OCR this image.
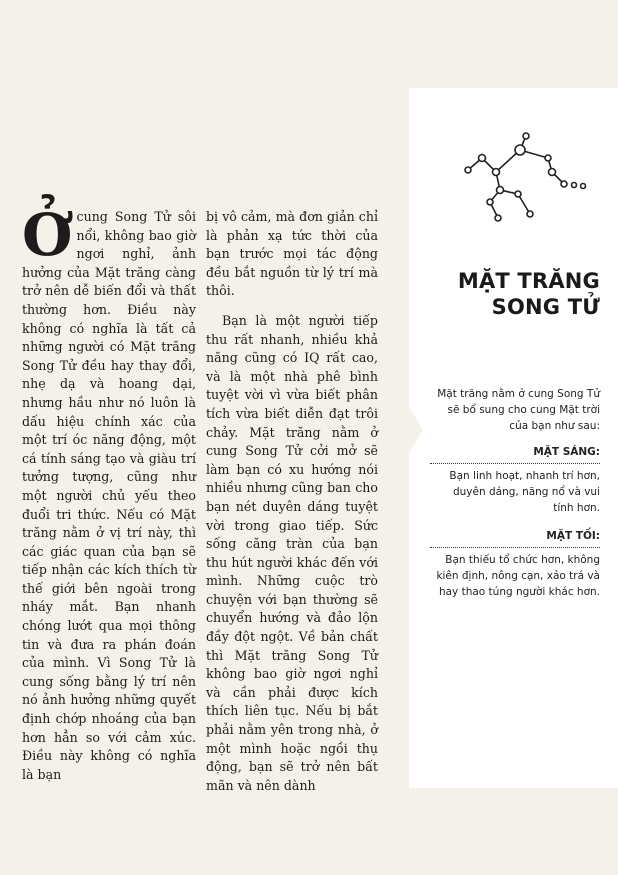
Ởcung Song Tử sôi nổi, không bao giờ ngơi nghỉ, ảnh hưởng của Mặt trăng càng trở nên dễ biến đổi và thất thường hơn. Điều này không có nghĩa là tất cả những người có Mặt trăng Song Tử đều hay thay đổi, nhẹ dạ và hoang dại, nhưng hầu như nó luôn là dấu hiệu chính xác của một trí óc năng động, một cá tính sáng tạo và giàu trí tưởng tượng, cũng như một người chủ yếu theo đuổi tri thức. Nếu có Mặt trăng nằm ở vị trí này, thì các giác quan của bạn sẽ tiếp nhận các kích thích từ thế giới bên ngoài trong nháy mắt. Bạn nhanh chóng lướt qua mọi thông tin và đưa ra phán đoán của mình. Vì Song Tử là cung sống bằng lý trí nên nó ảnh hưởng những quyết định chớp nhoáng của bạn hơn hẳn so với cảm xúc. Điều này không có nghĩa là bạn

bị vô cảm, mà đơn giản chỉ là phản xạ tức thời của bạn trước mọi tác động đều bắt nguồn từ lý trí mà thôi.

Bạn là một người tiếp thu rất nhanh, nhiều khả năng cũng có IQ rất cao, và là một nhà phê bình tuyệt vời vì vừa biết phân tích vừa biết diễn đạt trôi chảy. Mặt trăng nằm ở cung Song Tử cởi mở sẽ làm bạn có xu hướng nói nhiều nhưng cũng ban cho bạn nét duyên dáng tuyệt vời trong giao tiếp. Sức sống căng tràn của bạn thu hút người khác đến với mình. Những cuộc trò chuyện với bạn thường sẽ chuyển hướng và đảo lộn đầy đột ngột. Về bản chất thì Mặt trăng Song Tử không bao giờ ngơi nghỉ và cần phải được kích thích liên tục. Nếu bị bắt phải nằm yên trong nhà, ở một mình hoặc ngồi thụ động, bạn sẽ trở nên bất mãn và nên dành

MẶT TRĂNG
SONG TỬ

Mặt trăng nằm ở cung Song Tử sẽ bổ sung cho cung Mặt trời của bạn như sau:

MẶT SÁNG:

Bạn linh hoạt, nhanh trí hơn, duyên dáng, năng nổ và vui tính hơn.

MẶT TỐI:

Bạn thiếu tổ chức hơn, không kiên định, nông cạn, xảo trá và hay thao túng người khác hơn.
